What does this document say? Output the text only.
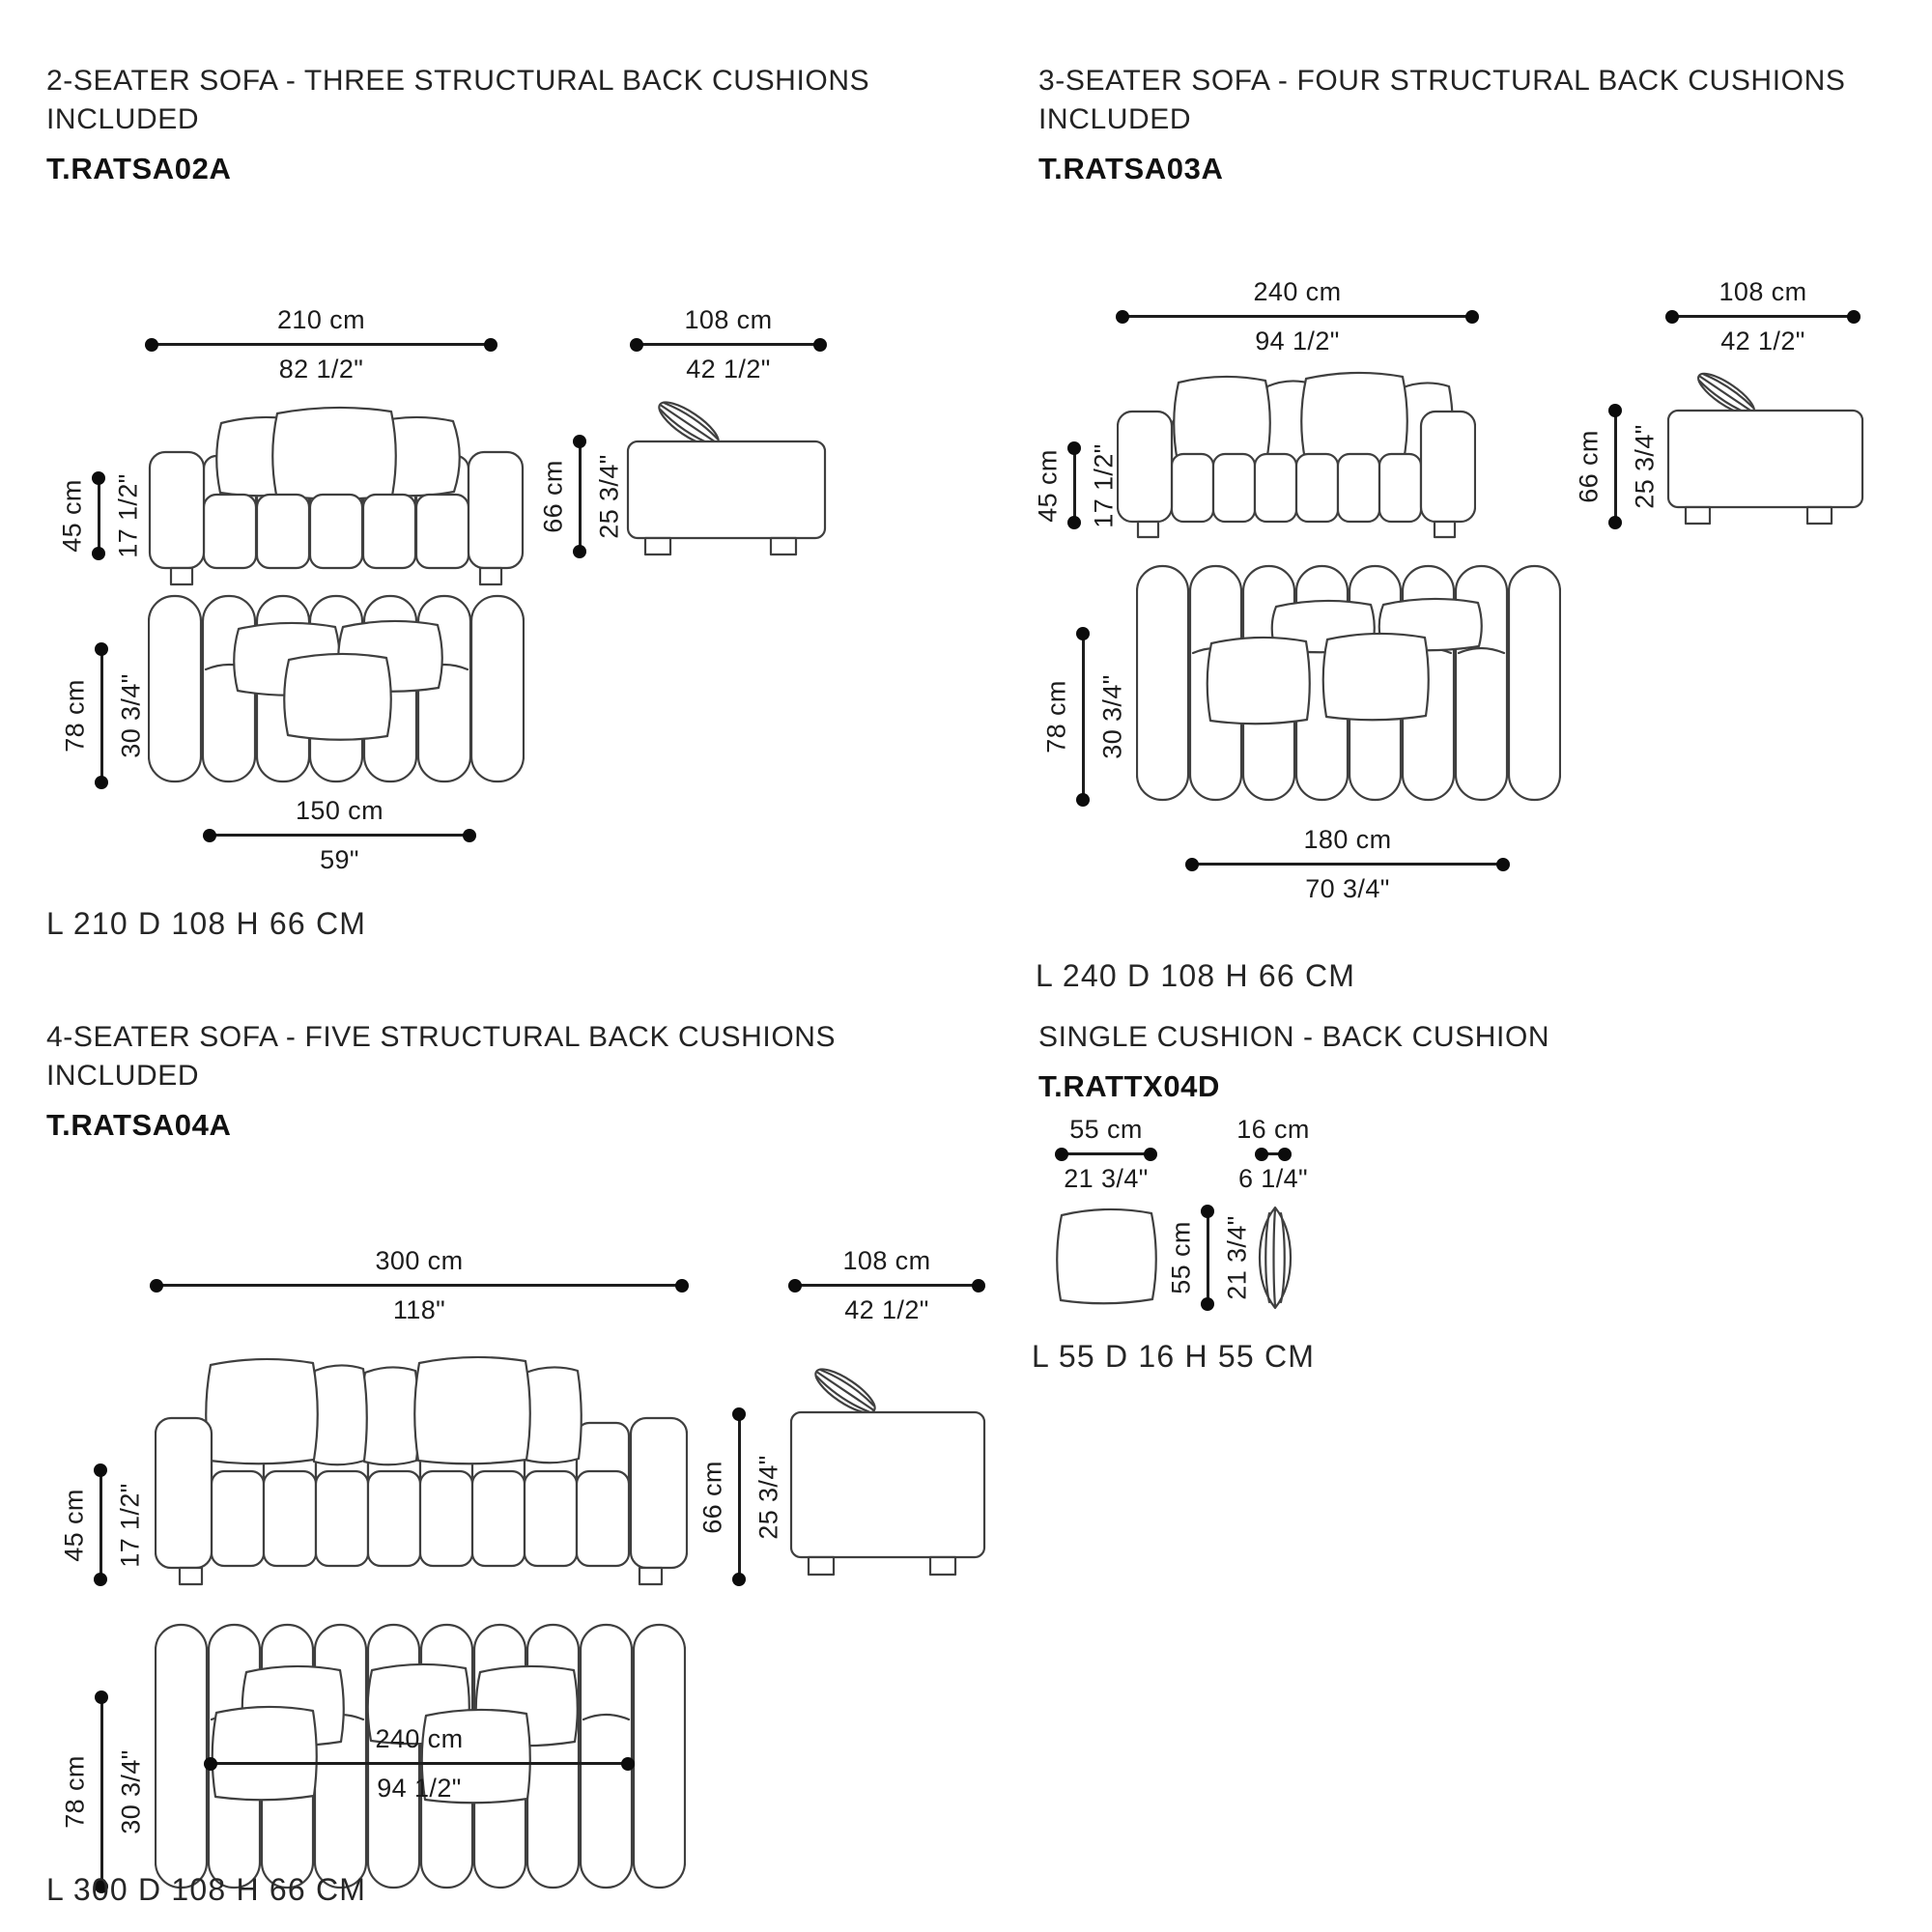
2-SEATER SOFA - THREE STRUCTURAL BACK CUSHIONS
INCLUDED
T.RATSA02A
210 cm
82 1/2"
108 cm
42 1/2"
45 cm 17 1/2"	66 cm 25 3/4"
78 cm 30 3/4"
150 cm
59"
L 210 D 108 H 66 CM
3-SEATER SOFA - FOUR STRUCTURAL BACK CUSHIONS
INCLUDED
T.RATSA03A
240 cm
94 1/2"
108 cm
42 1/2"
45 cm 17 1/2"	66 cm 25 3/4"
78 cm 30 3/4"
180 cm
70 3/4"
L 240 D 108 H 66 CM
4-SEATER SOFA - FIVE STRUCTURAL BACK CUSHIONS
INCLUDED
T.RATSA04A
300 cm
118"
108 cm
42 1/2"
45 cm 17 1/2"	66 cm 25 3/4"
78 cm 30 3/4"
240 cm
94 1/2"
L 300 D 108 H 66 CM
SINGLE CUSHION - BACK CUSHION
T.RATTX04D
55 cm
21 3/4"
16 cm
6 1/4"
55 cm 21 3/4"
L 55 D 16 H 55 CM
